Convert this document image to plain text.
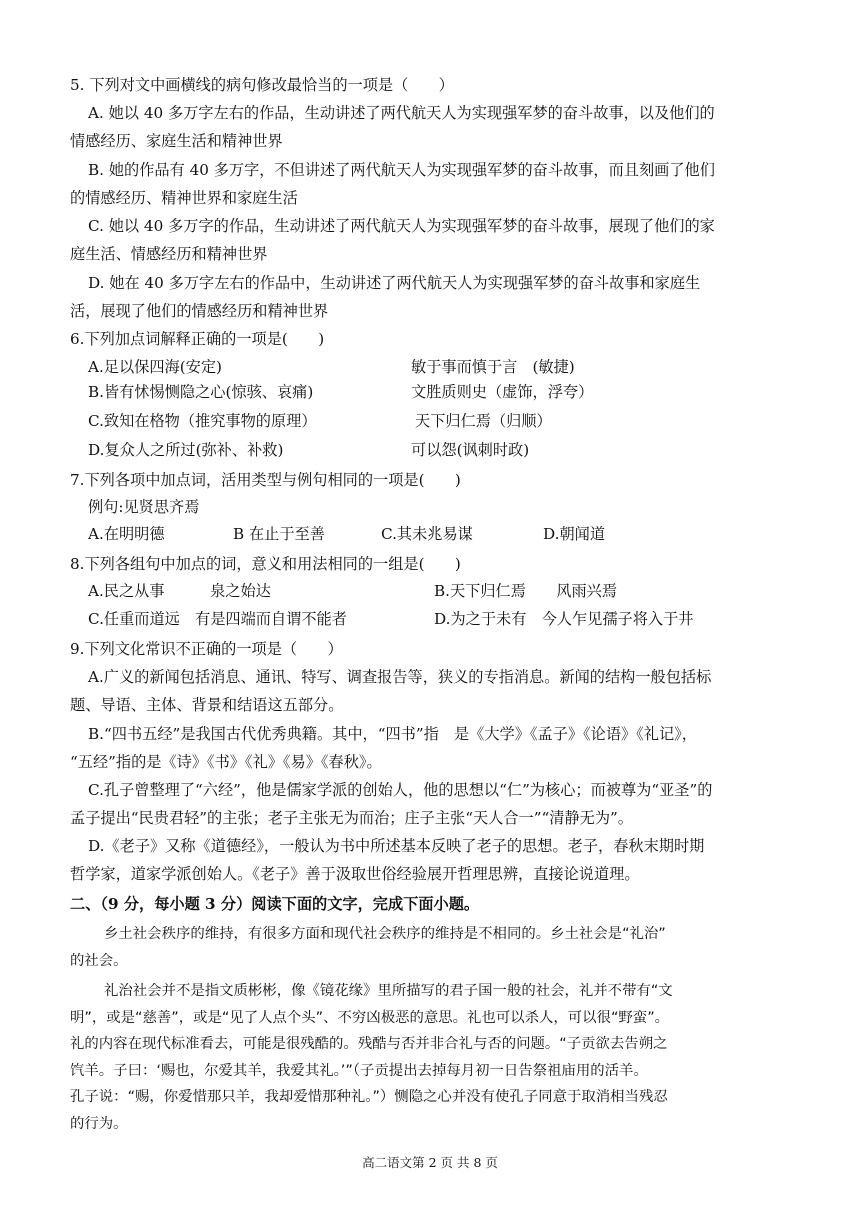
5. 下列对文中画横线的病句修改最恰当的一项是（　　）
A. 她以 40 多万字左右的作品，生动讲述了两代航天人为实现强军梦的奋斗故事，以及他们的
情感经历、家庭生活和精神世界
B. 她的作品有 40 多万字，不但讲述了两代航天人为实现强军梦的奋斗故事，而且刻画了他们
的情感经历、精神世界和家庭生活
C. 她以 40 多万字的作品，生动讲述了两代航天人为实现强军梦的奋斗故事，展现了他们的家
庭生活、情感经历和精神世界
D. 她在 40 多万字左右的作品中，生动讲述了两代航天人为实现强军梦的奋斗故事和家庭生
活，展现了他们的情感经历和精神世界
6.下列加点词解释正确的一项是(　　)
A.足以保四海(安定)	敏于事而慎于言　(敏捷)
B.皆有怵惕恻隐之心(惊骇、哀痛)	文胜质则史（虚饰，浮夸）
C.致知在格物（推究事物的原理）	天下归仁焉（归顺）
D.复众人之所过(弥补、补救)	可以怨(讽刺时政)
7.下列各项中加点词，活用类型与例句相同的一项是(　　)
例句:见贤思齐焉
A.在明明德	B 在止于至善	C.其未兆易谋	D.朝闻道
8.下列各组句中加点的词，意义和用法相同的一组是(　　)
A.民之从事　　　泉之始达	B.天下归仁焉　　风雨兴焉
C.任重而道远　有是四端而自谓不能者	D.为之于未有　今人乍见孺子将入于井
9.下列文化常识不正确的一项是（　　）
A.广义的新闻包括消息、通讯、特写、调查报告等，狭义的专指消息。新闻的结构一般包括标
题、导语、主体、背景和结语这五部分。
B.“四书五经”是我国古代优秀典籍。其中，“四书”指　是《大学》《孟子》《论语》《礼记》，
“五经”指的是《诗》《书》《礼》《易》《春秋》。
C.孔子曾整理了“六经”，他是儒家学派的创始人，他的思想以“仁”为核心；而被尊为“亚圣”的
孟子提出“民贵君轻”的主张；老子主张无为而治；庄子主张“天人合一”“清静无为”。
D.《老子》又称《道德经》，一般认为书中所述基本反映了老子的思想。老子，春秋末期时期
哲学家，道家学派创始人。《老子》善于汲取世俗经验展开哲理思辨，直接论说道理。
二、（9 分，每小题 3 分）阅读下面的文字，完成下面小题。
乡土社会秩序的维持，有很多方面和现代社会秩序的维持是不相同的。乡土社会是“礼治”
的社会。
礼治社会并不是指文质彬彬，像《镜花缘》里所描写的君子国一般的社会，礼并不带有“文
明”，或是“慈善”，或是“见了人点个头”、不穷凶极恶的意思。礼也可以杀人，可以很“野蛮”。
礼的内容在现代标准看去，可能是很残酷的。残酷与否并非合礼与否的问题。“子贡欲去告朔之
饩羊。子曰：‘赐也，尔爱其羊，我爱其礼。’”（子贡提出去掉每月初一日告祭祖庙用的活羊。
孔子说：“赐，你爱惜那只羊，我却爱惜那种礼。”）恻隐之心并没有使孔子同意于取消相当残忍
的行为。
高二语文第 2 页 共 8 页
